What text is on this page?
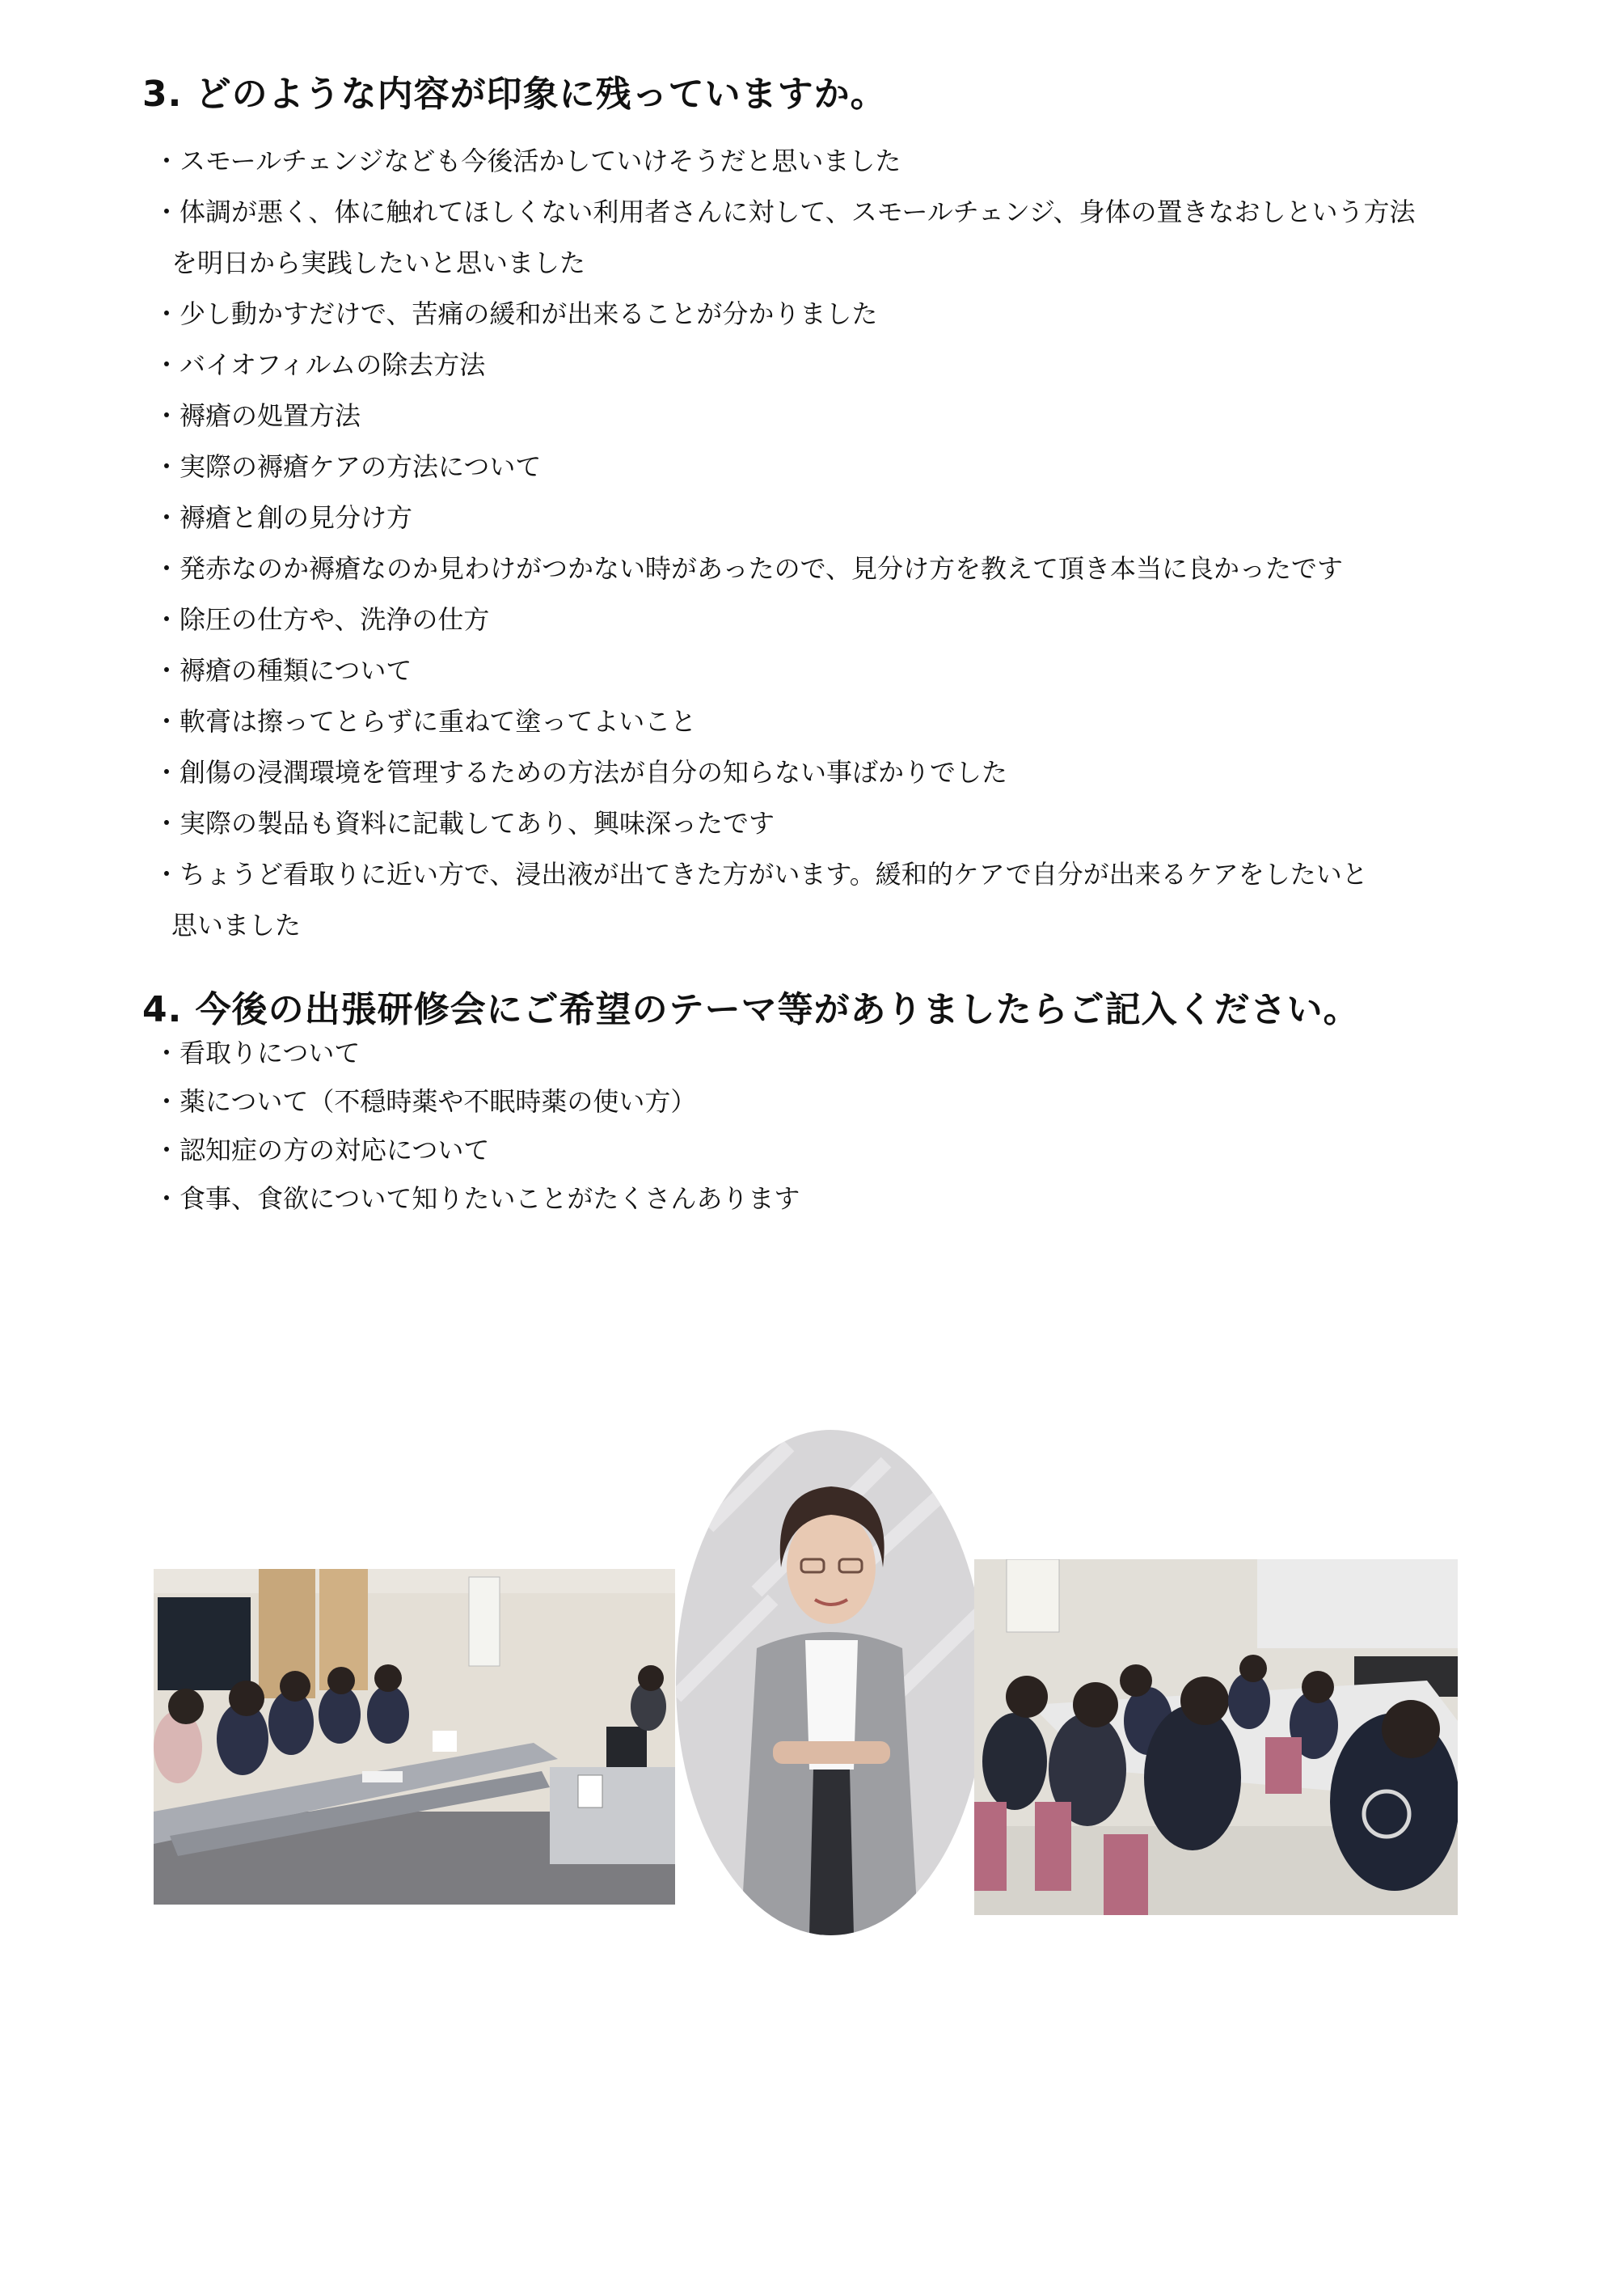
3. どのような内容が印象に残っていますか。
・スモールチェンジなども今後活かしていけそうだと思いました
・体調が悪く、体に触れてほしくない利用者さんに対して、スモールチェンジ、身体の置きなおしという方法
を明日から実践したいと思いました
・少し動かすだけで、苦痛の緩和が出来ることが分かりました
・バイオフィルムの除去方法
・褥瘡の処置方法
・実際の褥瘡ケアの方法について
・褥瘡と創の見分け方
・発赤なのか褥瘡なのか見わけがつかない時があったので、見分け方を教えて頂き本当に良かったです
・除圧の仕方や、洗浄の仕方
・褥瘡の種類について
・軟膏は擦ってとらずに重ねて塗ってよいこと
・創傷の浸潤環境を管理するための方法が自分の知らない事ばかりでした
・実際の製品も資料に記載してあり、興味深ったです
・ちょうど看取りに近い方で、浸出液が出てきた方がいます。緩和的ケアで自分が出来るケアをしたいと
思いました
4. 今後の出張研修会にご希望のテーマ等がありましたらご記入ください。
・看取りについて
・薬について（不穏時薬や不眠時薬の使い方）
・認知症の方の対応について
・食事、食欲について知りたいことがたくさんあります
